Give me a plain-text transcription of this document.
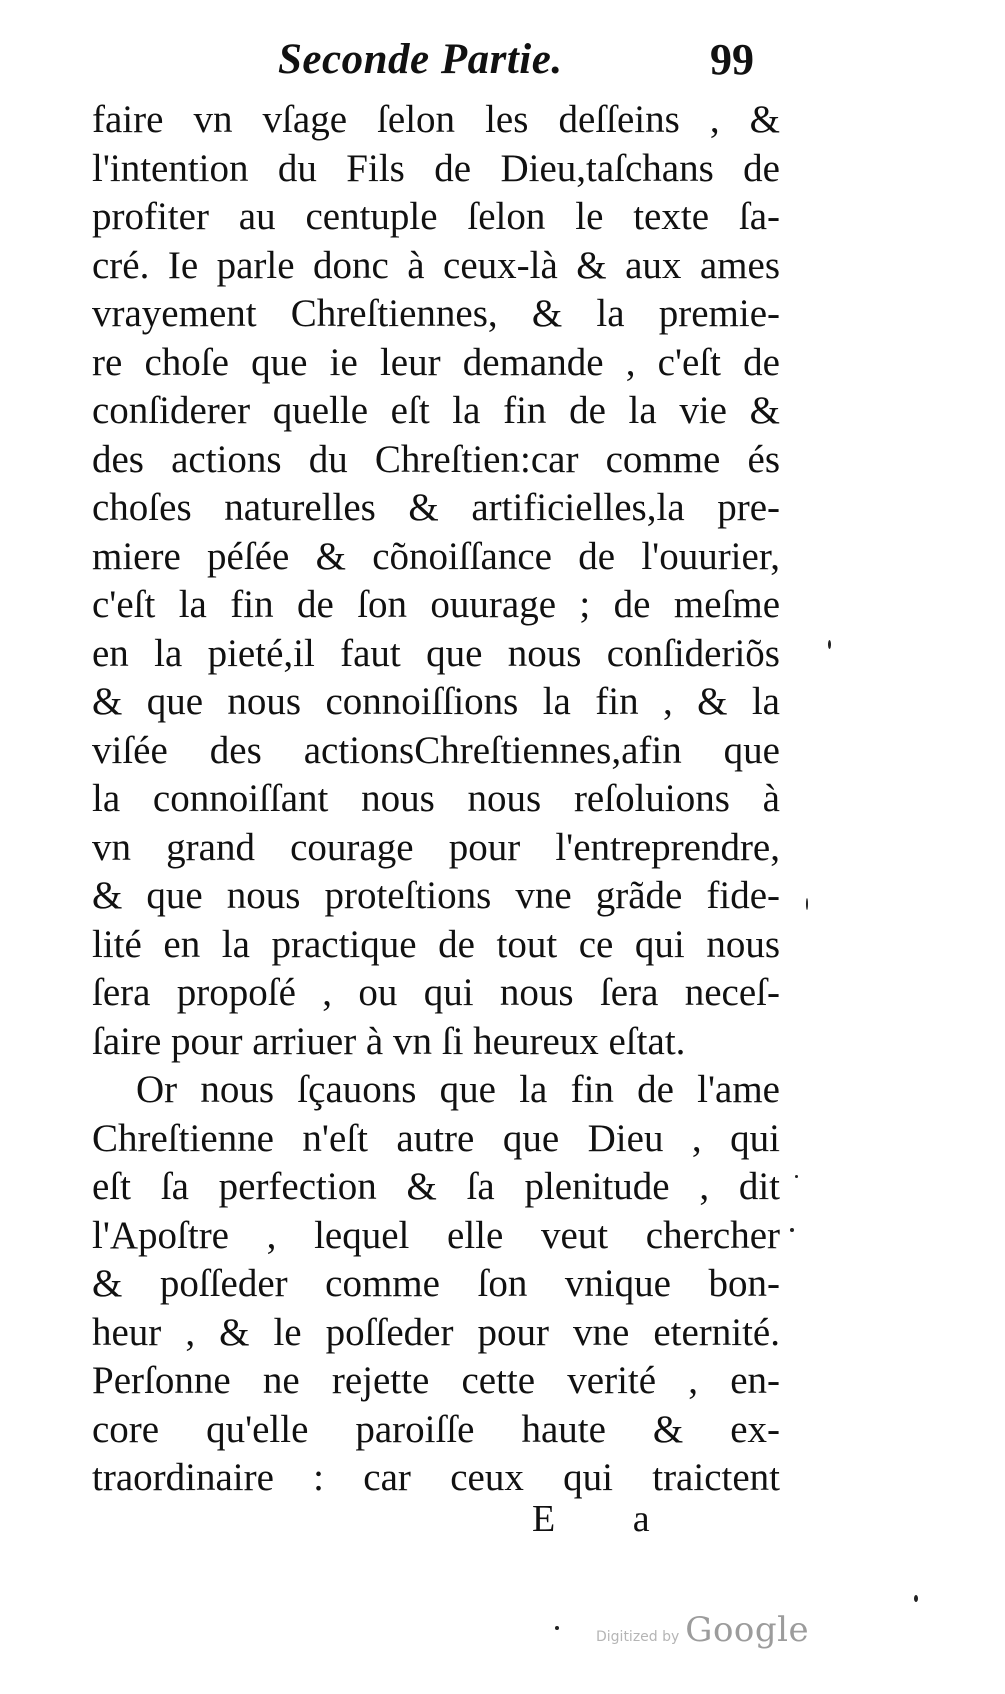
Seconde Partie.	99
faire vn vſage ſelon les deſſeins , &
l'intention du Fils de Dieu,taſchans de
profiter au centuple ſelon le texte ſa-
cré. Ie parle donc à ceux-là & aux ames
vrayement Chreſtiennes, & la premie-
re choſe que ie leur demande , c'eſt de
conſiderer quelle eſt la fin de la vie &
des actions du Chreſtien:car comme és
choſes naturelles & artificielles,la pre-
miere péſée & cõnoiſſance de l'ouurier,
c'eſt la fin de ſon ouurage ; de meſme
en la pieté,il faut que nous conſideriõs
& que nous connoiſſions la fin , & la
viſée des actionsChreſtiennes,afin que
la connoiſſant nous nous reſoluions à
vn grand courage pour l'entreprendre,
& que nous proteſtions vne grãde fide-
lité en la practique de tout ce qui nous
ſera propoſé , ou qui nous ſera neceſ-
ſaire pour arriuer à vn ſi heureux eſtat.
Or nous ſçauons que la fin de l'ame
Chreſtienne n'eſt autre que Dieu , qui
eſt ſa perfection & ſa plenitude , dit
l'Apoſtre , lequel elle veut chercher
& poſſeder comme ſon vnique bon-
heur , & le poſſeder pour vne eternité.
Perſonne ne rejette cette verité , en-
core qu'elle paroiſſe haute & ex-
traordinaire : car ceux qui traictent
E a
Digitized by Google
